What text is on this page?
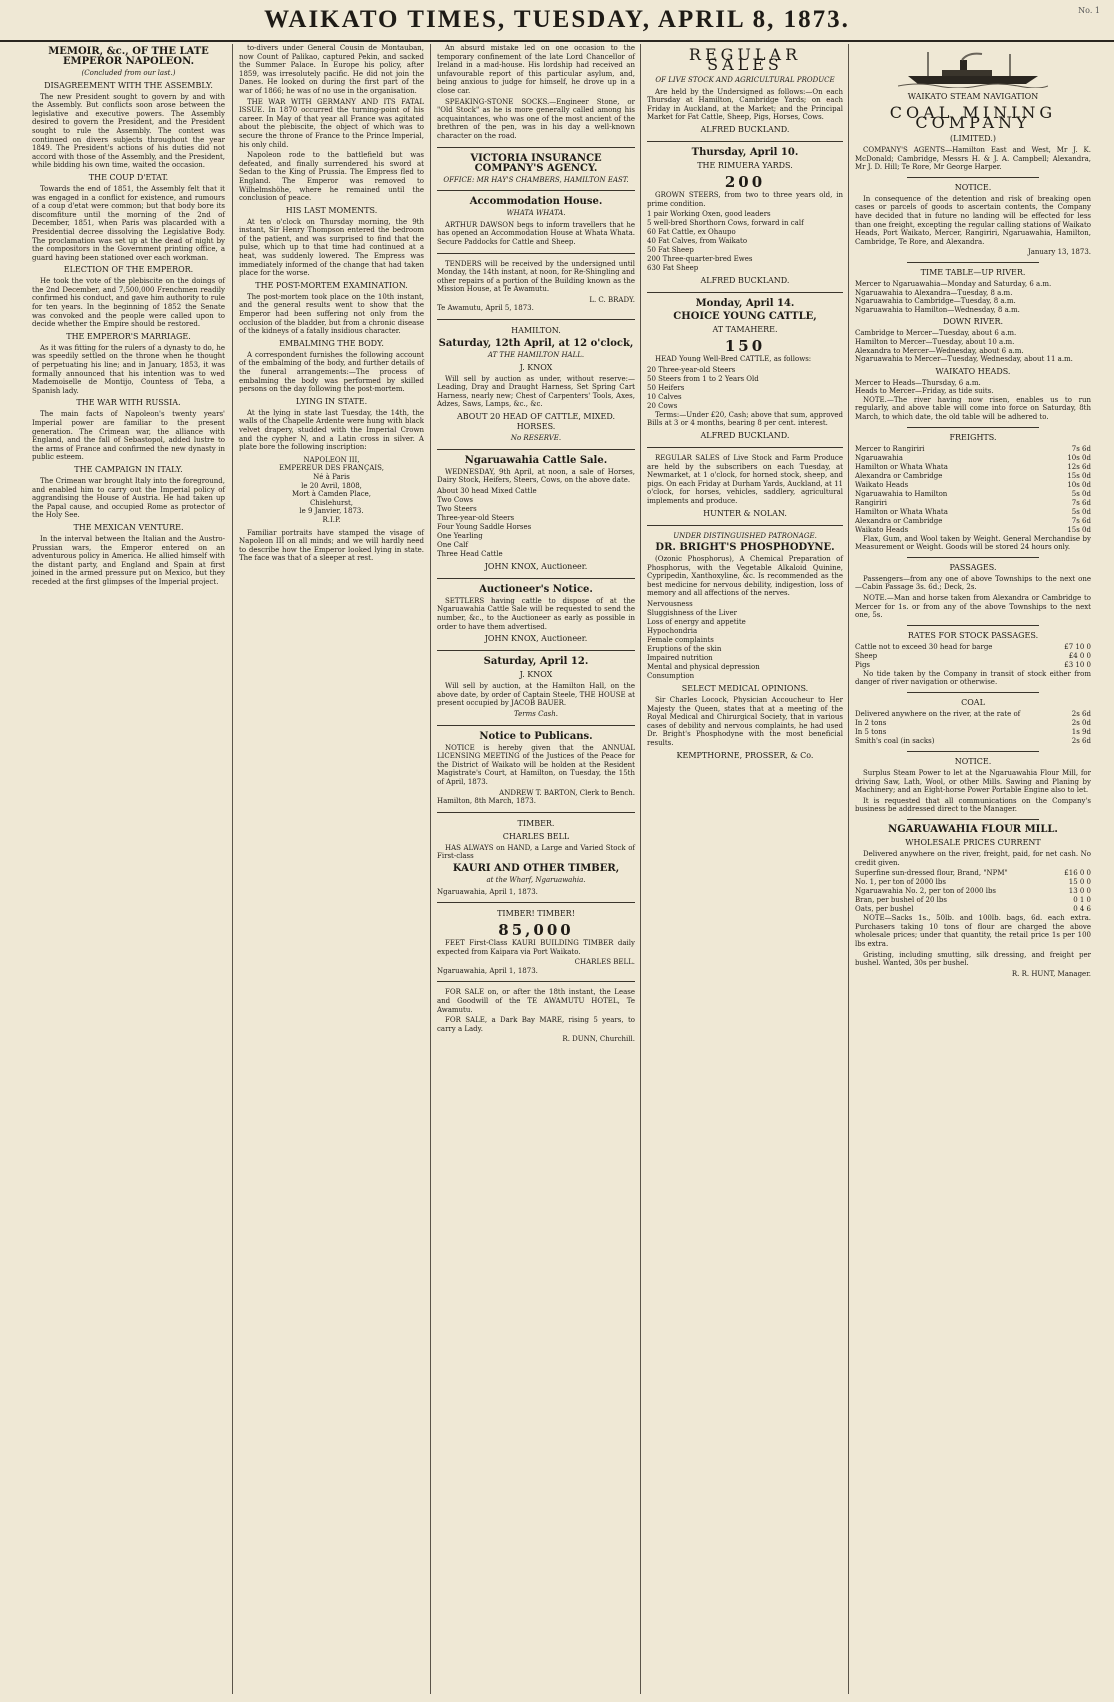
WAIKATO TIMES, TUESDAY, APRIL 8, 1873.	No. 1
MEMOIR, &c., OF THE LATE EMPEROR NAPOLEON.
(Concluded from our last.)
DISAGREEMENT WITH THE ASSEMBLY.

The new President sought to govern by and with the Assembly. But conflicts soon arose between the legislative and executive powers. The Assembly desired to govern the President, and the President sought to rule the Assembly. The contest was continued on divers subjects throughout the year 1849. The President's actions of his duties did not accord with those of the Assembly, and the President, while bidding his own time, waited the occasion.

THE COUP D'ETAT.

Towards the end of 1851, the Assembly felt that it was engaged in a conflict for existence, and rumours of a coup d'etat were common; but that body bore its discomfiture until the morning of the 2nd of December, 1851, when Paris was placarded with a Presidential decree dissolving the Legislative Body. The proclamation was set up at the dead of night by the compositors in the Government printing office, a guard having been stationed over each workman.

ELECTION OF THE EMPEROR.

He took the vote of the plebiscite on the doings of the 2nd December, and 7,500,000 Frenchmen readily confirmed his conduct, and gave him authority to rule for ten years. In the beginning of 1852 the Senate was convoked and the people were called upon to decide whether the Empire should be restored.

THE EMPEROR'S MARRIAGE.

As it was fitting for the rulers of a dynasty to do, he was speedily settled on the throne when he thought of perpetuating his line; and in January, 1853, it was formally announced that his intention was to wed Mademoiselle de Montijo, Countess of Teba, a Spanish lady.

THE WAR WITH RUSSIA.

The main facts of Napoleon's twenty years' Imperial power are familiar to the present generation. The Crimean war, the alliance with England, and the fall of Sebastopol, added lustre to the arms of France and confirmed the new dynasty in public esteem.

THE CAMPAIGN IN ITALY.

The Crimean war brought Italy into the foreground, and enabled him to carry out the Imperial policy of aggrandising the House of Austria. He had taken up the Papal cause, and occupied Rome as protector of the Holy See.

THE MEXICAN VENTURE.

In the interval between the Italian and the Austro-Prussian wars, the Emperor entered on an adventurous policy in America. He allied himself with the distant party, and England and Spain at first joined in the armed pressure put on Mexico, but they receded at the first glimpses of the Imperial project.

to-divers under General Cousin de Montauban, now Count of Palikao, captured Pekin, and sacked the Summer Palace. In Europe his policy, after 1859, was irresolutely pacific. He did not join the Danes. He looked on during the first part of the war of 1866; he was of no use in the organisation.

THE WAR WITH GERMANY AND ITS FATAL ISSUE. In 1870 occurred the turning-point of his career. In May of that year all France was agitated about the plebiscite, the object of which was to secure the throne of France to the Prince Imperial, his only child.

Napoleon rode to the battlefield but was defeated, and finally surrendered his sword at Sedan to the King of Prussia. The Empress fled to England. The Emperor was removed to Wilhelmshöhe, where he remained until the conclusion of peace.

HIS LAST MOMENTS.

At ten o'clock on Thursday morning, the 9th instant, Sir Henry Thompson entered the bedroom of the patient, and was surprised to find that the pulse, which up to that time had continued at a heat, was suddenly lowered. The Empress was immediately informed of the change that had taken place for the worse.

THE POST-MORTEM EXAMINATION.

The post-mortem took place on the 10th instant, and the general results went to show that the Emperor had been suffering not only from the occlusion of the bladder, but from a chronic disease of the kidneys of a fatally insidious character.

EMBALMING THE BODY.

A correspondent furnishes the following account of the embalming of the body, and further details of the funeral arrangements:—The process of embalming the body was performed by skilled persons on the day following the post-mortem.

LYING IN STATE.

At the lying in state last Tuesday, the 14th, the walls of the Chapelle Ardente were hung with black velvet drapery, studded with the Imperial Crown and the cypher N, and a Latin cross in silver. A plate bore the following inscription:

NAPOLEON III,
EMPEREUR DES FRANÇAIS,
Né à Paris
le 20 Avril, 1808,
Mort à Camden Place,
Chislehurst,
le 9 Janvier, 1873.
R.I.P.

Familiar portraits have stamped the visage of Napoleon III on all minds; and we will hardly need to describe how the Emperor looked lying in state. The face was that of a sleeper at rest.

An absurd mistake led on one occasion to the temporary confinement of the late Lord Chancellor of Ireland in a mad-house. His lordship had received an unfavourable report of this particular asylum, and, being anxious to judge for himself, he drove up in a close car.

SPEAKING-STONE SOCKS.—Engineer Stone, or "Old Stock" as he is more generally called among his acquaintances, who was one of the most ancient of the brethren of the pen, was in his day a well-known character on the road.

VICTORIA INSURANCE COMPANY'S AGENCY.
OFFICE: MR HAY'S CHAMBERS, HAMILTON EAST.
Accommodation House.
WHATA WHATA.

ARTHUR DAWSON begs to inform travellers that he has opened an Accommodation House at Whata Whata. Secure Paddocks for Cattle and Sheep.

TENDERS will be received by the undersigned until Monday, the 14th instant, at noon, for Re-Shingling and other repairs of a portion of the Building known as the Mission House, at Te Awamutu.

L. C. BRADY.
Te Awamutu, April 5, 1873.
HAMILTON.
Saturday, 12th April, at 12 o'clock,
AT THE HAMILTON HALL.
J. KNOX

Will sell by auction as under, without reserve:—Leading, Dray and Draught Harness, Set Spring Cart Harness, nearly new; Chest of Carpenters' Tools, Axes, Adzes, Saws, Lamps, &c., &c.

ABOUT 20 HEAD OF CATTLE, MIXED. HORSES.
No RESERVE.
Ngaruawahia Cattle Sale.

WEDNESDAY, 9th April, at noon, a sale of Horses, Dairy Stock, Heifers, Steers, Cows, on the above date.

About 30 head Mixed Cattle
Two Cows
Two Steers
Three-year-old Steers
Four Young Saddle Horses
One Yearling
One Calf
Three Head Cattle
JOHN KNOX, Auctioneer.
Auctioneer's Notice.

SETTLERS having cattle to dispose of at the Ngaruawahia Cattle Sale will be requested to send the number, &c., to the Auctioneer as early as possible in order to have them advertised.

JOHN KNOX, Auctioneer.
Saturday, April 12.
J. KNOX

Will sell by auction, at the Hamilton Hall, on the above date, by order of Captain Steele, THE HOUSE at present occupied by JACOB BAUER.

Terms Cash.
Notice to Publicans.

NOTICE is hereby given that the ANNUAL LICENSING MEETING of the Justices of the Peace for the District of Waikato will be holden at the Resident Magistrate's Court, at Hamilton, on Tuesday, the 15th of April, 1873.

ANDREW T. BARTON, Clerk to Bench.
Hamilton, 8th March, 1873.
TIMBER.
CHARLES BELL

HAS ALWAYS on HAND, a Large and Varied Stock of First-class

KAURI AND OTHER TIMBER,
at the Wharf, Ngaruawahia.
Ngaruawahia, April 1, 1873.
TIMBER! TIMBER!
85,000

FEET First-Class KAURI BUILDING TIMBER daily expected from Kaipara via Port Waikato.

CHARLES BELL.
Ngaruawahia, April 1, 1873.

FOR SALE on, or after the 18th instant, the Lease and Goodwill of the TE AWAMUTU HOTEL, Te Awamutu.

FOR SALE, a Dark Bay MARE, rising 5 years, to carry a Lady.

R. DUNN, Churchill.
REGULAR SALES
OF LIVE STOCK AND AGRICULTURAL PRODUCE

Are held by the Undersigned as follows:—On each Thursday at Hamilton, Cambridge Yards; on each Friday in Auckland, at the Market; and the Principal Market for Fat Cattle, Sheep, Pigs, Horses, Cows.

ALFRED BUCKLAND.
Thursday, April 10.
THE RIMUERA YARDS.
200

GROWN STEERS, from two to three years old, in prime condition.

1 pair Working Oxen, good leaders
5 well-bred Shorthorn Cows, forward in calf
60 Fat Cattle, ex Ohaupo
40 Fat Calves, from Waikato
50 Fat Sheep
200 Three-quarter-bred Ewes
630 Fat Sheep
ALFRED BUCKLAND.
Monday, April 14.
CHOICE YOUNG CATTLE,
AT TAMAHERE.
150

HEAD Young Well-Bred CATTLE, as follows:

20 Three-year-old Steers
50 Steers from 1 to 2 Years Old
50 Heifers
10 Calves
20 Cows

Terms:—Under £20, Cash; above that sum, approved Bills at 3 or 4 months, bearing 8 per cent. interest.

ALFRED BUCKLAND.

REGULAR SALES of Live Stock and Farm Produce are held by the subscribers on each Tuesday, at Newmarket, at 1 o'clock, for horned stock, sheep, and pigs. On each Friday at Durham Yards, Auckland, at 11 o'clock, for horses, vehicles, saddlery, agricultural implements and produce.

HUNTER & NOLAN.
UNDER DISTINGUISHED PATRONAGE.
DR. BRIGHT'S PHOSPHODYNE.

(Ozonic Phosphorus), A Chemical Preparation of Phosphorus, with the Vegetable Alkaloid Quinine, Cypripedin, Xanthoxyline, &c. Is recommended as the best medicine for nervous debility, indigestion, loss of memory and all affections of the nerves.

Nervousness
Sluggishness of the Liver
Loss of energy and appetite
Hypochondria
Female complaints
Eruptions of the skin
Impaired nutrition
Mental and physical depression
Consumption
SELECT MEDICAL OPINIONS.

Sir Charles Locock, Physician Accoucheur to Her Majesty the Queen, states that at a meeting of the Royal Medical and Chirurgical Society, that in various cases of debility and nervous complaints, he had used Dr. Bright's Phosphodyne with the most beneficial results.

KEMPTHORNE, PROSSER, & Co.
WAIKATO STEAM NAVIGATION
COAL MINING COMPANY
(LIMITED.)

COMPANY'S AGENTS—Hamilton East and West, Mr J. K. McDonald; Cambridge, Messrs H. & J. A. Campbell; Alexandra, Mr J. D. Hill; Te Rore, Mr George Harper.

NOTICE.

In consequence of the detention and risk of breaking open cases or parcels of goods to ascertain contents, the Company have decided that in future no landing will be effected for less than one freight, excepting the regular calling stations of Waikato Heads, Port Waikato, Mercer, Rangiriri, Ngaruawahia, Hamilton, Cambridge, Te Rore, and Alexandra.

January 13, 1873.
TIME TABLE—UP RIVER.
Mercer to Ngaruawahia—Monday and Saturday, 6 a.m.
Ngaruawahia to Alexandra—Tuesday, 8 a.m.
Ngaruawahia to Cambridge—Tuesday, 8 a.m.
Ngaruawahia to Hamilton—Wednesday, 8 a.m.
DOWN RIVER.
Cambridge to Mercer—Tuesday, about 6 a.m.
Hamilton to Mercer—Tuesday, about 10 a.m.
Alexandra to Mercer—Wednesday, about 6 a.m.
Ngaruawahia to Mercer—Tuesday, Wednesday, about 11 a.m.
WAIKATO HEADS.
Mercer to Heads—Thursday, 6 a.m.
Heads to Mercer—Friday, as tide suits.

NOTE.—The river having now risen, enables us to run regularly, and above table will come into force on Saturday, 8th March, to which date, the old table will be adhered to.

FREIGHTS.
Mercer to Rangiriri	7s 6d
Ngaruawahia	10s 0d
Hamilton or Whata Whata	12s 6d
Alexandra or Cambridge	15s 0d
Waikato Heads	10s 0d
Ngaruawahia to Hamilton	5s 0d
Rangiriri	7s 6d
Hamilton or Whata Whata	5s 0d
Alexandra or Cambridge	7s 6d
Waikato Heads	15s 0d

Flax, Gum, and Wool taken by Weight. General Merchandise by Measurement or Weight. Goods will be stored 24 hours only.

PASSAGES.

Passengers—from any one of above Townships to the next one—Cabin Passage 3s. 6d.; Deck, 2s.

NOTE.—Man and horse taken from Alexandra or Cambridge to Mercer for 1s. or from any of the above Townships to the next one, 5s.

RATES FOR STOCK PASSAGES.
Cattle not to exceed 30 head for barge	£7 10 0
Sheep	£4 0 0
Pigs	£3 10 0

No tide taken by the Company in transit of stock either from danger of river navigation or otherwise.

COAL
Delivered anywhere on the river, at the rate of	2s 6d
In 2 tons	2s 0d
In 5 tons	1s 9d
Smith's coal (in sacks)	2s 6d
NOTICE.

Surplus Steam Power to let at the Ngaruawahia Flour Mill, for driving Saw, Lath, Wool, or other Mills. Sawing and Planing by Machinery; and an Eight-horse Power Portable Engine also to let.

It is requested that all communications on the Company's business be addressed direct to the Manager.

NGARUAWAHIA FLOUR MILL.
WHOLESALE PRICES CURRENT

Delivered anywhere on the river, freight, paid, for net cash. No credit given.

Superfine sun-dressed flour, Brand, "NPM"	£16 0 0
No. 1, per ton of 2000 lbs	15 0 0
Ngaruawahia No. 2, per ton of 2000 lbs	13 0 0
Bran, per bushel of 20 lbs	0 1 0
Oats, per bushel	0 4 6

NOTE—Sacks 1s., 50lb. and 100lb. bags, 6d. each extra. Purchasers taking 10 tons of flour are charged the above wholesale prices; under that quantity, the retail price 1s per 100 lbs extra.

Gristing, including smutting, silk dressing, and freight per bushel. Wanted, 30s per bushel.

R. R. HUNT, Manager.
